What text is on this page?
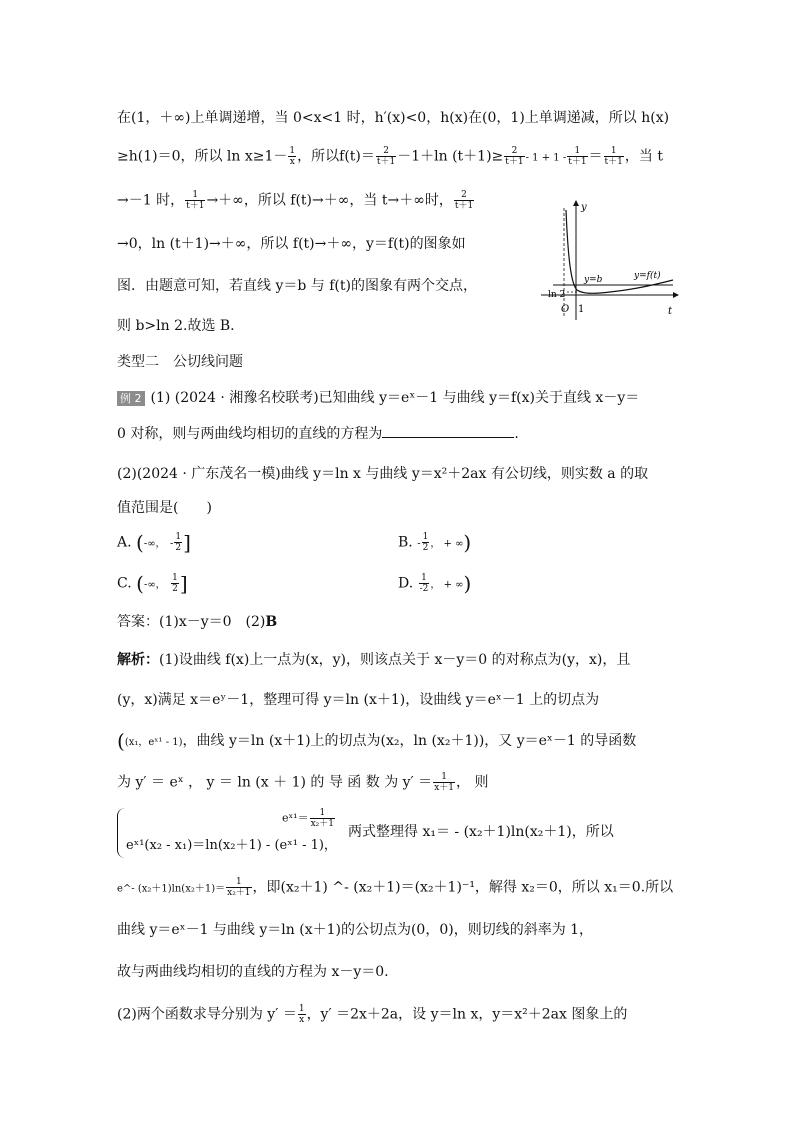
在(1，＋∞)上单调递增，当 0<x<1 时，h′(x)<0，h(x)在(0，1)上单调递减，所以 h(x)
≥h(1)＝0，所以 $\ln x\ge 1- \frac{1}{x}$ ，所以$f(t)= \frac{2}{t+1} -1+\ln$ $(t+1)\ge \frac{2}{t+1} - 1 + 1 - \frac{1}{t+1} = \frac{1}{t+1}$ ，当 t
→－1 时， $\frac{1}{t+1}$ →＋∞，所以 f(t)→＋∞，当 t→＋∞时， $\frac{2}{t+1}$
→0，ln (t＋1)→＋∞，所以 f(t)→＋∞，y＝f(t)的图象如
图．由题意可知，若直线 y＝b 与 f(t)的图象有两个交点，
则 b>ln 2.故选 B.
y
t
O 1
ln 2
y=b	y=f(t)
类型二　公切线问题
例 2 (1) (2024 · 湘豫名校联考)已知曲线 y＝eˣ－1 与曲线 y＝f(x)关于直线 x－y＝
0 对称，则与两曲线均相切的直线的方程为	.
(2)(2024 · 广东茂名一模)曲线 y＝ln x 与曲线 y＝x²＋2ax 有公切线，则实数 a 的取
值范围是(　　)
A. (-∞， - $\frac{1}{2}$ ]	B. - $\frac{1}{2}$ ， + ∞)
C. (-∞， $\frac{1}{2}$ ]	D. $\frac{1}{-2}$ ， + ∞)
答案：(1)x－y＝0　(2)B
解析：(1)设曲线 f(x)上一点为(x，y)，则该点关于 x－y＝0 的对称点为(y，x)，且
(y，x)满足 x＝eʸ－1，整理可得 y＝ln (x＋1)，设曲线 y＝eˣ－1 上的切点为
((x₁，eˣ¹ - 1)，曲线 y＝ln (x＋1)上的切点为(x₂，ln (x₂＋1))，又 y＝eˣ－1 的导函数
为 y′ ＝ eˣ ， y ＝ ln (x ＋ 1) 的 导 函 数 为 $y' = \frac{1}{x+1}$ ， 则
eˣ¹＝ $\frac{1}{\text{x₂＋1}}$
eˣ¹(x₂ - x₁)＝ln(x₂＋1) - (eˣ¹ - 1)，
两式整理得 x₁＝ - (x₂＋1)ln(x₂＋1)，所以
e^- $(x_2+1)\ln(x_2+1)= \frac{1}{\text{x₂＋1}}$ ，即(x₂＋1) ^- (x₂＋1)＝(x₂＋1)⁻¹，解得 x₂＝0，所以 x₁＝0.所以
曲线 y＝eˣ－1 与曲线 y＝ln (x＋1)的公切点为(0，0)，则切线的斜率为 1，
故与两曲线均相切的直线的方程为 x－y＝0.
(2)两个函数求导分别为 $y' = \frac{1}{x}$ ，y′ ＝2x＋2a，设 y＝ln x，y＝x²＋2ax 图象上的
